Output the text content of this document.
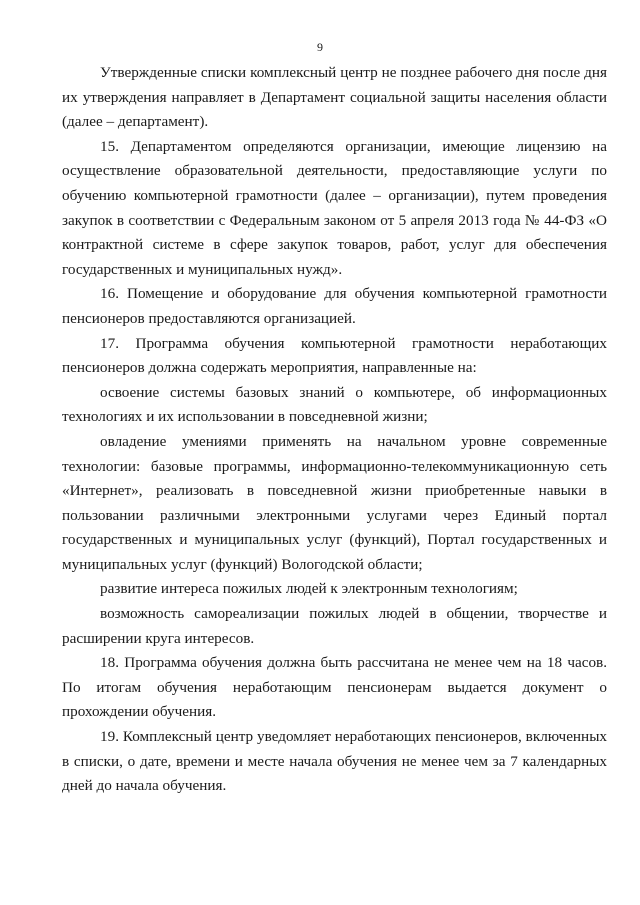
9

Утвержденные списки комплексный центр не позднее рабочего дня после дня их утверждения направляет в Департамент социальной защиты населения области (далее – департамент).

15. Департаментом определяются организации, имеющие лицензию на осуществление образовательной деятельности, предоставляющие услуги по обучению компьютерной грамотности (далее – организации), путем проведения закупок в соответствии с Федеральным законом от 5 апреля 2013 года № 44-ФЗ «О контрактной системе в сфере закупок товаров, работ, услуг для обеспечения государственных и муниципальных нужд».

16. Помещение и оборудование для обучения компьютерной грамотности пенсионеров предоставляются организацией.

17. Программа обучения компьютерной грамотности неработающих пенсионеров должна содержать мероприятия, направленные на:

освоение системы базовых знаний о компьютере, об информационных технологиях и их использовании в повседневной жизни;

овладение умениями применять на начальном уровне современные технологии: базовые программы, информационно-телекоммуникационную сеть «Интернет», реализовать в повседневной жизни приобретенные навыки в пользовании различными электронными услугами через Единый портал государственных и муниципальных услуг (функций), Портал государственных и муниципальных услуг (функций) Вологодской области;

развитие интереса пожилых людей к электронным технологиям;

возможность самореализации пожилых людей в общении, творчестве и расширении круга интересов.

18. Программа обучения должна быть рассчитана не менее чем на 18 часов. По итогам обучения неработающим пенсионерам выдается документ о прохождении обучения.

19. Комплексный центр уведомляет неработающих пенсионеров, включенных в списки, о дате, времени и месте начала обучения не менее чем за 7 календарных дней до начала обучения.
